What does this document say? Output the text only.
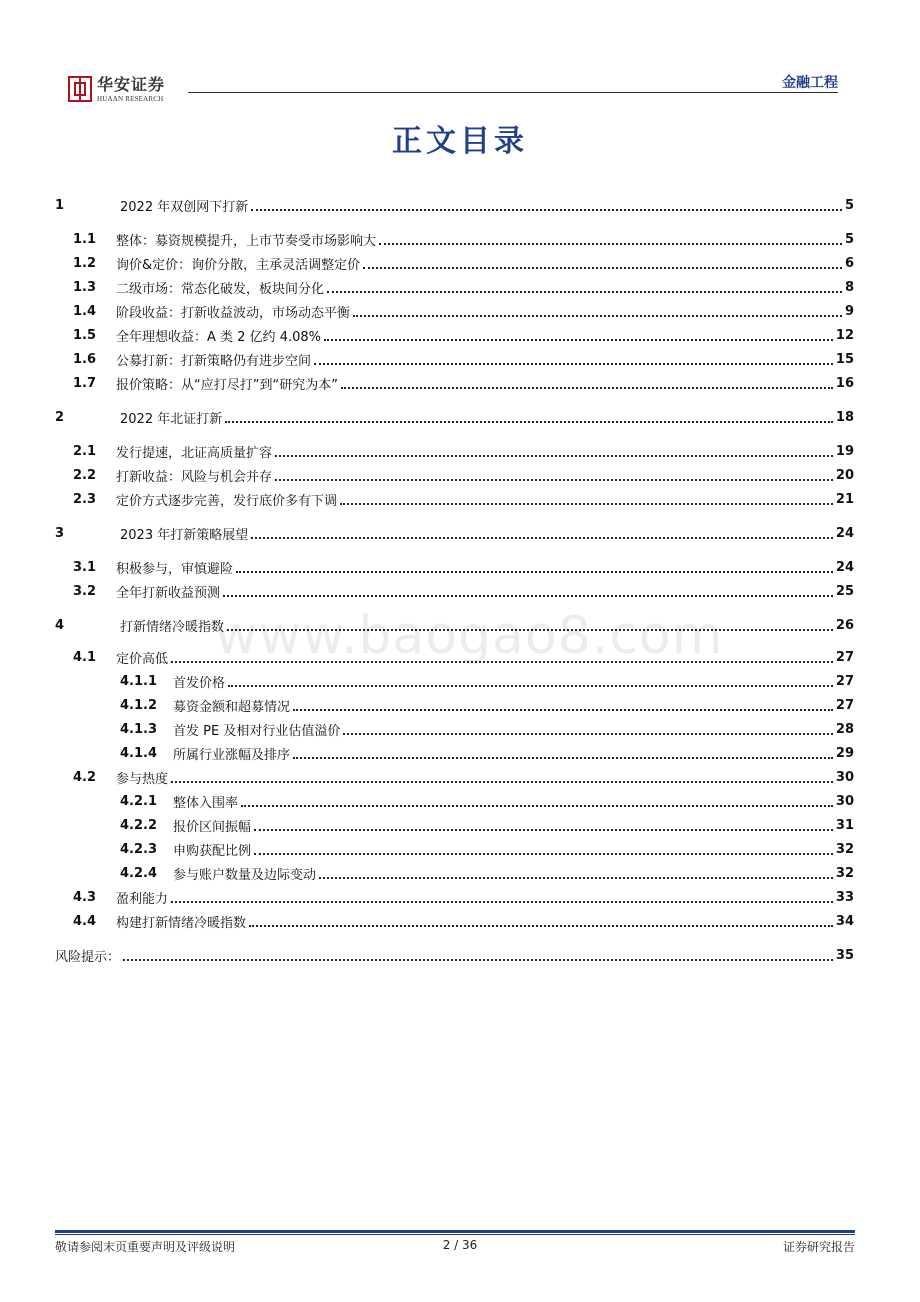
华安证券
HUAAN RESEARCH
金融工程
正文目录
www.baogao8.com
1	2022 年双创网下打新	5
1.1	整体：募资规模提升，上市节奏受市场影响大	5
1.2	询价&定价：询价分散，主承灵活调整定价	6
1.3	二级市场：常态化破发，板块间分化	8
1.4	阶段收益：打新收益波动，市场动态平衡	9
1.5	全年理想收益：A 类 2 亿约 4.08%	12
1.6	公募打新：打新策略仍有进步空间	15
1.7	报价策略：从“应打尽打”到“研究为本”	16
2	2022 年北证打新	18
2.1	发行提速，北证高质量扩容	19
2.2	打新收益：风险与机会并存	20
2.3	定价方式逐步完善，发行底价多有下调	21
3	2023 年打新策略展望	24
3.1	积极参与，审慎避险	24
3.2	全年打新收益预测	25
4	打新情绪冷暖指数	26
4.1	定价高低	27
4.1.1	首发价格	27
4.1.2	募资金额和超募情况	27
4.1.3	首发 PE 及相对行业估值溢价	28
4.1.4	所属行业涨幅及排序	29
4.2	参与热度	30
4.2.1	整体入围率	30
4.2.2	报价区间振幅	31
4.2.3	申购获配比例	32
4.2.4	参与账户数量及边际变动	32
4.3	盈利能力	33
4.4	构建打新情绪冷暖指数	34
风险提示：	35
敬请参阅末页重要声明及评级说明	2 / 36	证券研究报告
